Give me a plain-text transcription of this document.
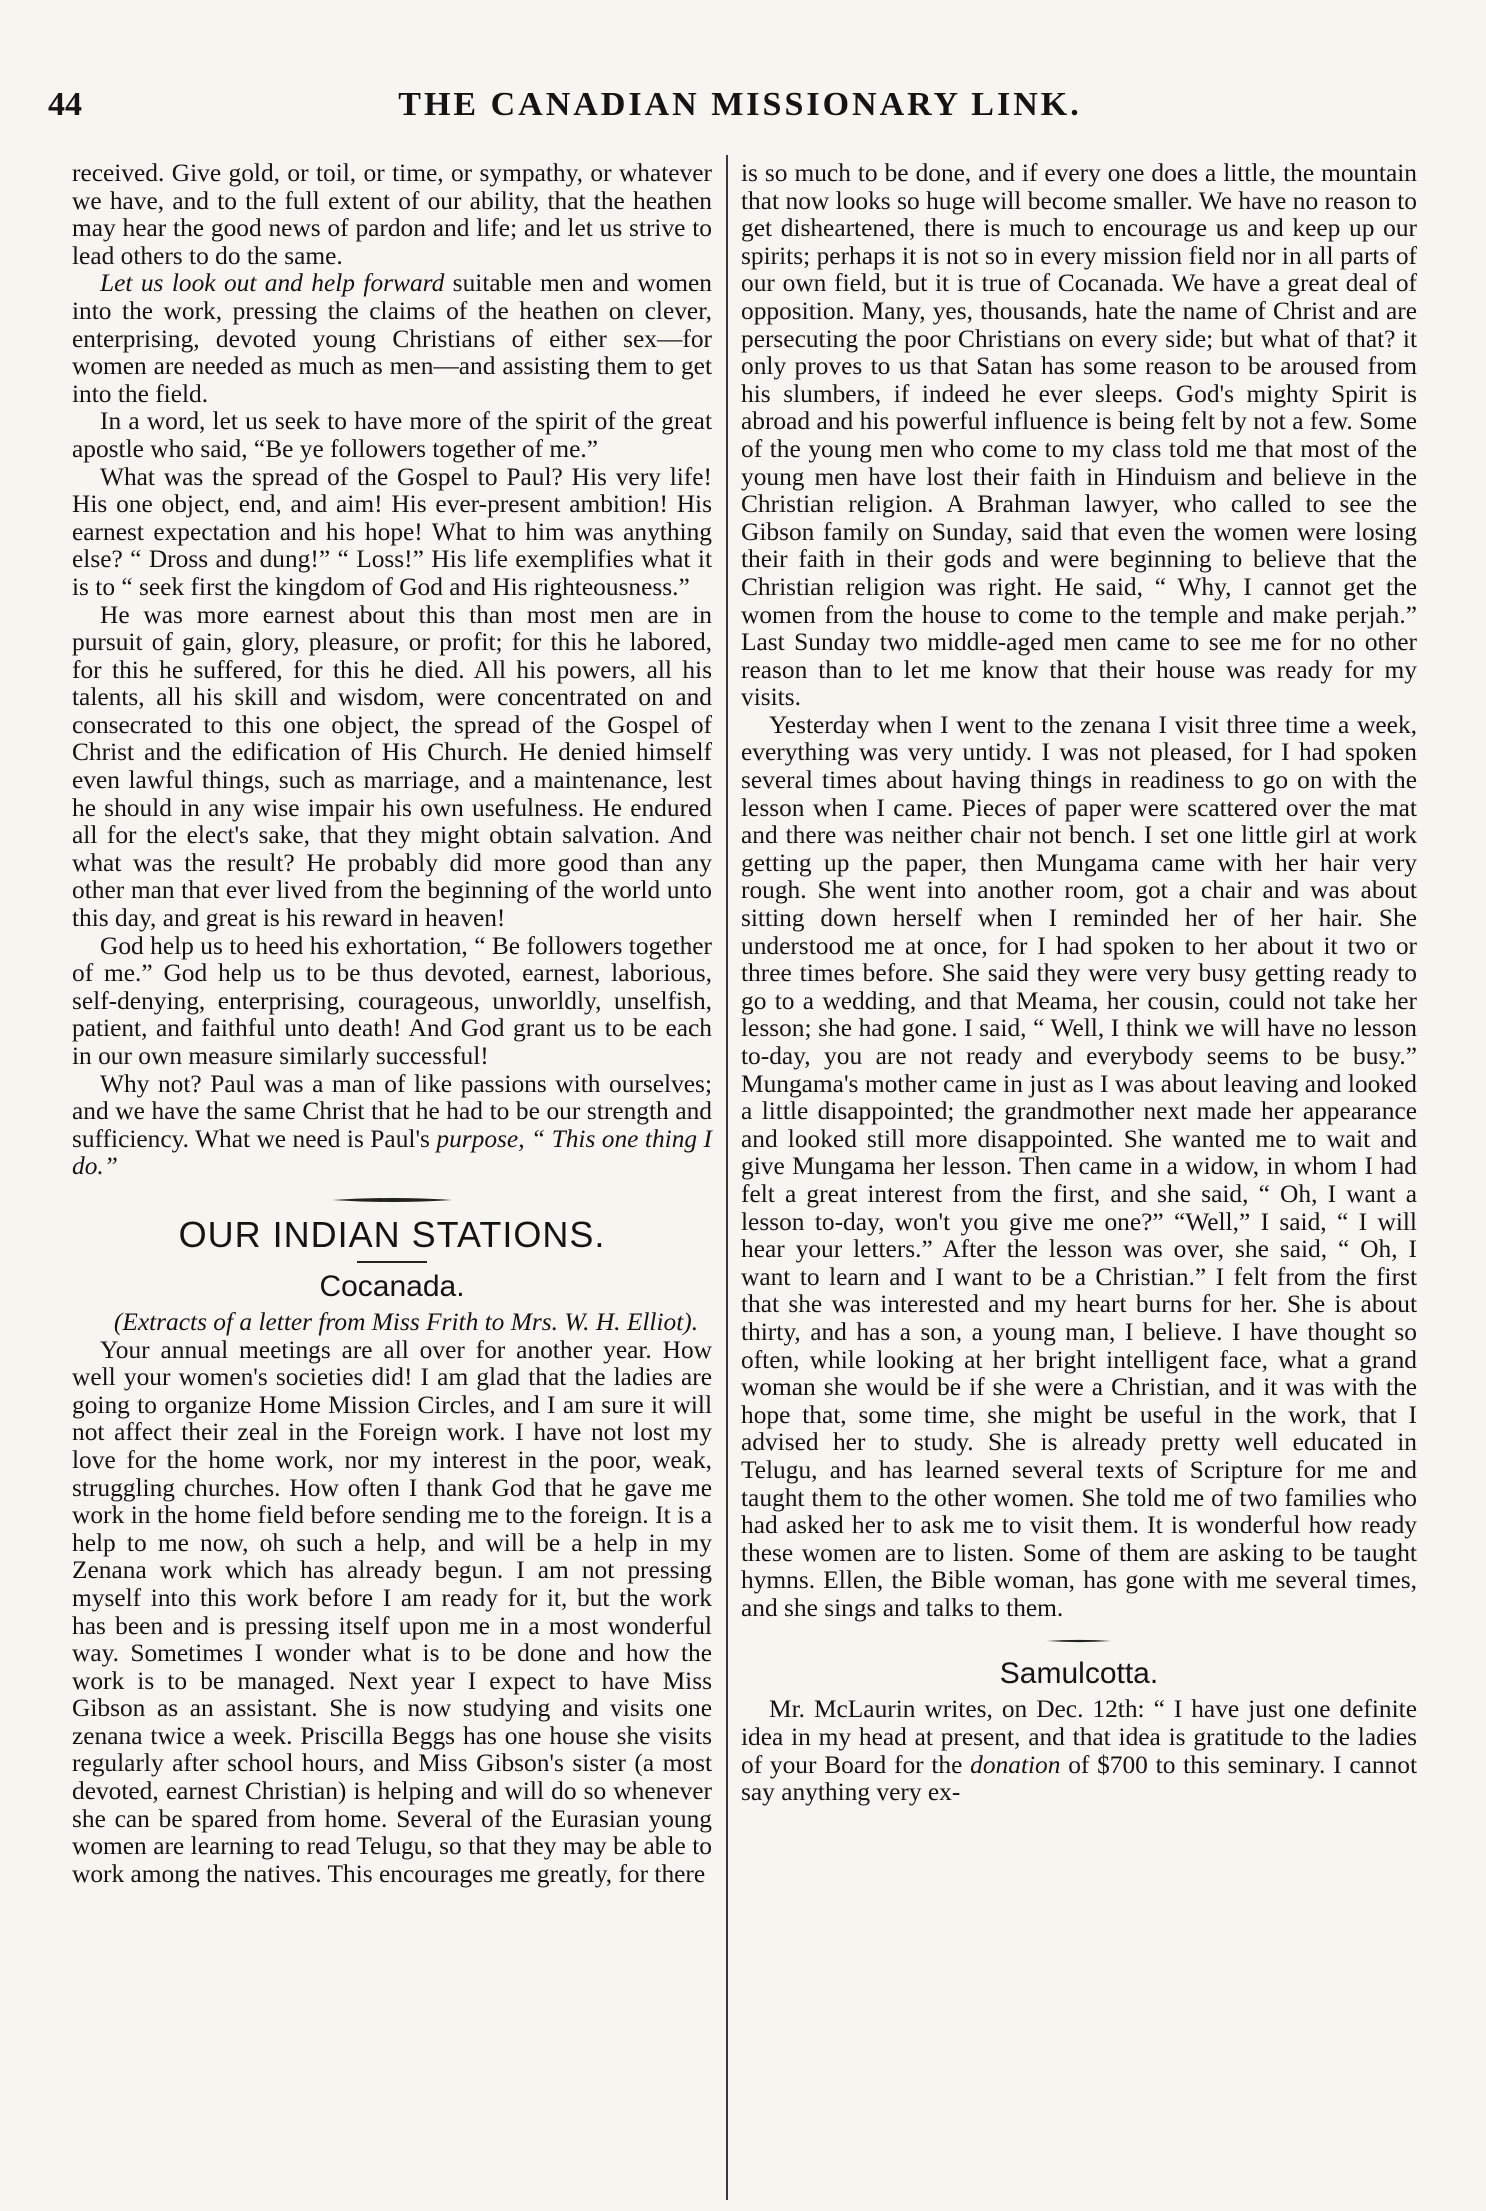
44	THE CANADIAN MISSIONARY LINK.

received. Give gold, or toil, or time, or sympathy, or whatever we have, and to the full extent of our ability, that the heathen may hear the good news of pardon and life; and let us strive to lead others to do the same.

Let us look out and help forward suitable men and women into the work, pressing the claims of the heathen on clever, enterprising, devoted young Christians of either sex—for women are needed as much as men—and assisting them to get into the field.

In a word, let us seek to have more of the spirit of the great apostle who said, “Be ye followers together of me.”

What was the spread of the Gospel to Paul? His very life! His one object, end, and aim! His ever-present ambition! His earnest expectation and his hope! What to him was anything else? “ Dross and dung!” “ Loss!” His life exemplifies what it is to “ seek first the kingdom of God and His righteousness.”

He was more earnest about this than most men are in pursuit of gain, glory, pleasure, or profit; for this he labored, for this he suffered, for this he died. All his powers, all his talents, all his skill and wisdom, were concentrated on and consecrated to this one object, the spread of the Gospel of Christ and the edification of His Church. He denied himself even lawful things, such as marriage, and a maintenance, lest he should in any wise impair his own usefulness. He endured all for the elect's sake, that they might obtain salvation. And what was the result? He probably did more good than any other man that ever lived from the beginning of the world unto this day, and great is his reward in heaven!

God help us to heed his exhortation, “ Be followers together of me.” God help us to be thus devoted, earnest, laborious, self-denying, enterprising, courageous, unworldly, unselfish, patient, and faithful unto death! And God grant us to be each in our own measure similarly successful!

Why not? Paul was a man of like passions with ourselves; and we have the same Christ that he had to be our strength and sufficiency. What we need is Paul's purpose, “ This one thing I do.”

OUR INDIAN STATIONS.
Cocanada.

(Extracts of a letter from Miss Frith to Mrs. W. H. Elliot).

Your annual meetings are all over for another year. How well your women's societies did! I am glad that the ladies are going to organize Home Mission Circles, and I am sure it will not affect their zeal in the Foreign work. I have not lost my love for the home work, nor my interest in the poor, weak, struggling churches. How often I thank God that he gave me work in the home field before sending me to the foreign. It is a help to me now, oh such a help, and will be a help in my Zenana work which has already begun. I am not pressing myself into this work before I am ready for it, but the work has been and is pressing itself upon me in a most wonderful way. Sometimes I wonder what is to be done and how the work is to be managed. Next year I expect to have Miss Gibson as an assistant. She is now studying and visits one zenana twice a week. Priscilla Beggs has one house she visits regularly after school hours, and Miss Gibson's sister (a most devoted, earnest Christian) is helping and will do so whenever she can be spared from home. Several of the Eurasian young women are learning to read Telugu, so that they may be able to work among the natives. This encourages me greatly, for there

is so much to be done, and if every one does a little, the mountain that now looks so huge will become smaller. We have no reason to get disheartened, there is much to encourage us and keep up our spirits; perhaps it is not so in every mission field nor in all parts of our own field, but it is true of Cocanada. We have a great deal of opposition. Many, yes, thousands, hate the name of Christ and are persecuting the poor Christians on every side; but what of that? it only proves to us that Satan has some reason to be aroused from his slumbers, if indeed he ever sleeps. God's mighty Spirit is abroad and his powerful influence is being felt by not a few. Some of the young men who come to my class told me that most of the young men have lost their faith in Hinduism and believe in the Christian religion. A Brahman lawyer, who called to see the Gibson family on Sunday, said that even the women were losing their faith in their gods and were beginning to believe that the Christian religion was right. He said, “ Why, I cannot get the women from the house to come to the temple and make perjah.” Last Sunday two middle-aged men came to see me for no other reason than to let me know that their house was ready for my visits.

Yesterday when I went to the zenana I visit three time a week, everything was very untidy. I was not pleased, for I had spoken several times about having things in readiness to go on with the lesson when I came. Pieces of paper were scattered over the mat and there was neither chair not bench. I set one little girl at work getting up the paper, then Mungama came with her hair very rough. She went into another room, got a chair and was about sitting down herself when I reminded her of her hair. She understood me at once, for I had spoken to her about it two or three times before. She said they were very busy getting ready to go to a wedding, and that Meama, her cousin, could not take her lesson; she had gone. I said, “ Well, I think we will have no lesson to-day, you are not ready and everybody seems to be busy.” Mungama's mother came in just as I was about leaving and looked a little disappointed; the grandmother next made her appearance and looked still more disappointed. She wanted me to wait and give Mungama her lesson. Then came in a widow, in whom I had felt a great interest from the first, and she said, “ Oh, I want a lesson to-day, won't you give me one?” “Well,” I said, “ I will hear your letters.” After the lesson was over, she said, “ Oh, I want to learn and I want to be a Christian.” I felt from the first that she was interested and my heart burns for her. She is about thirty, and has a son, a young man, I believe. I have thought so often, while looking at her bright intelligent face, what a grand woman she would be if she were a Christian, and it was with the hope that, some time, she might be useful in the work, that I advised her to study. She is already pretty well educated in Telugu, and has learned several texts of Scripture for me and taught them to the other women. She told me of two families who had asked her to ask me to visit them. It is wonderful how ready these women are to listen. Some of them are asking to be taught hymns. Ellen, the Bible woman, has gone with me several times, and she sings and talks to them.

Samulcotta.

Mr. McLaurin writes, on Dec. 12th: “ I have just one definite idea in my head at present, and that idea is gratitude to the ladies of your Board for the donation of $700 to this seminary. I cannot say anything very ex-
